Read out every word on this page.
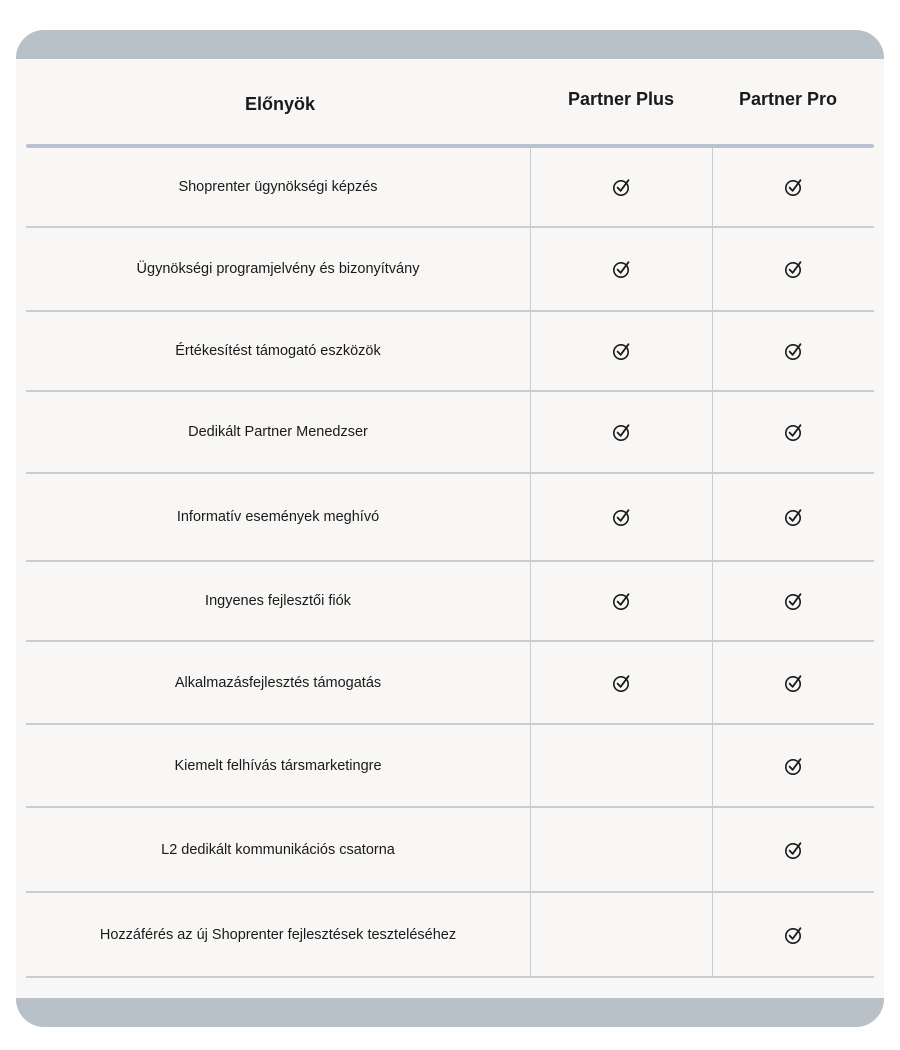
Előnyök	Partner Plus	Partner Pro
Shoprenter ügynökségi képzés
Ügynökségi programjelvény és bizonyítvány
Értékesítést támogató eszközök
Dedikált Partner Menedzser
Informatív események meghívó
Ingyenes fejlesztői fiók
Alkalmazásfejlesztés támogatás
Kiemelt felhívás társmarketingre
L2 dedikált kommunikációs csatorna
Hozzáférés az új Shoprenter fejlesztések teszteléséhez
